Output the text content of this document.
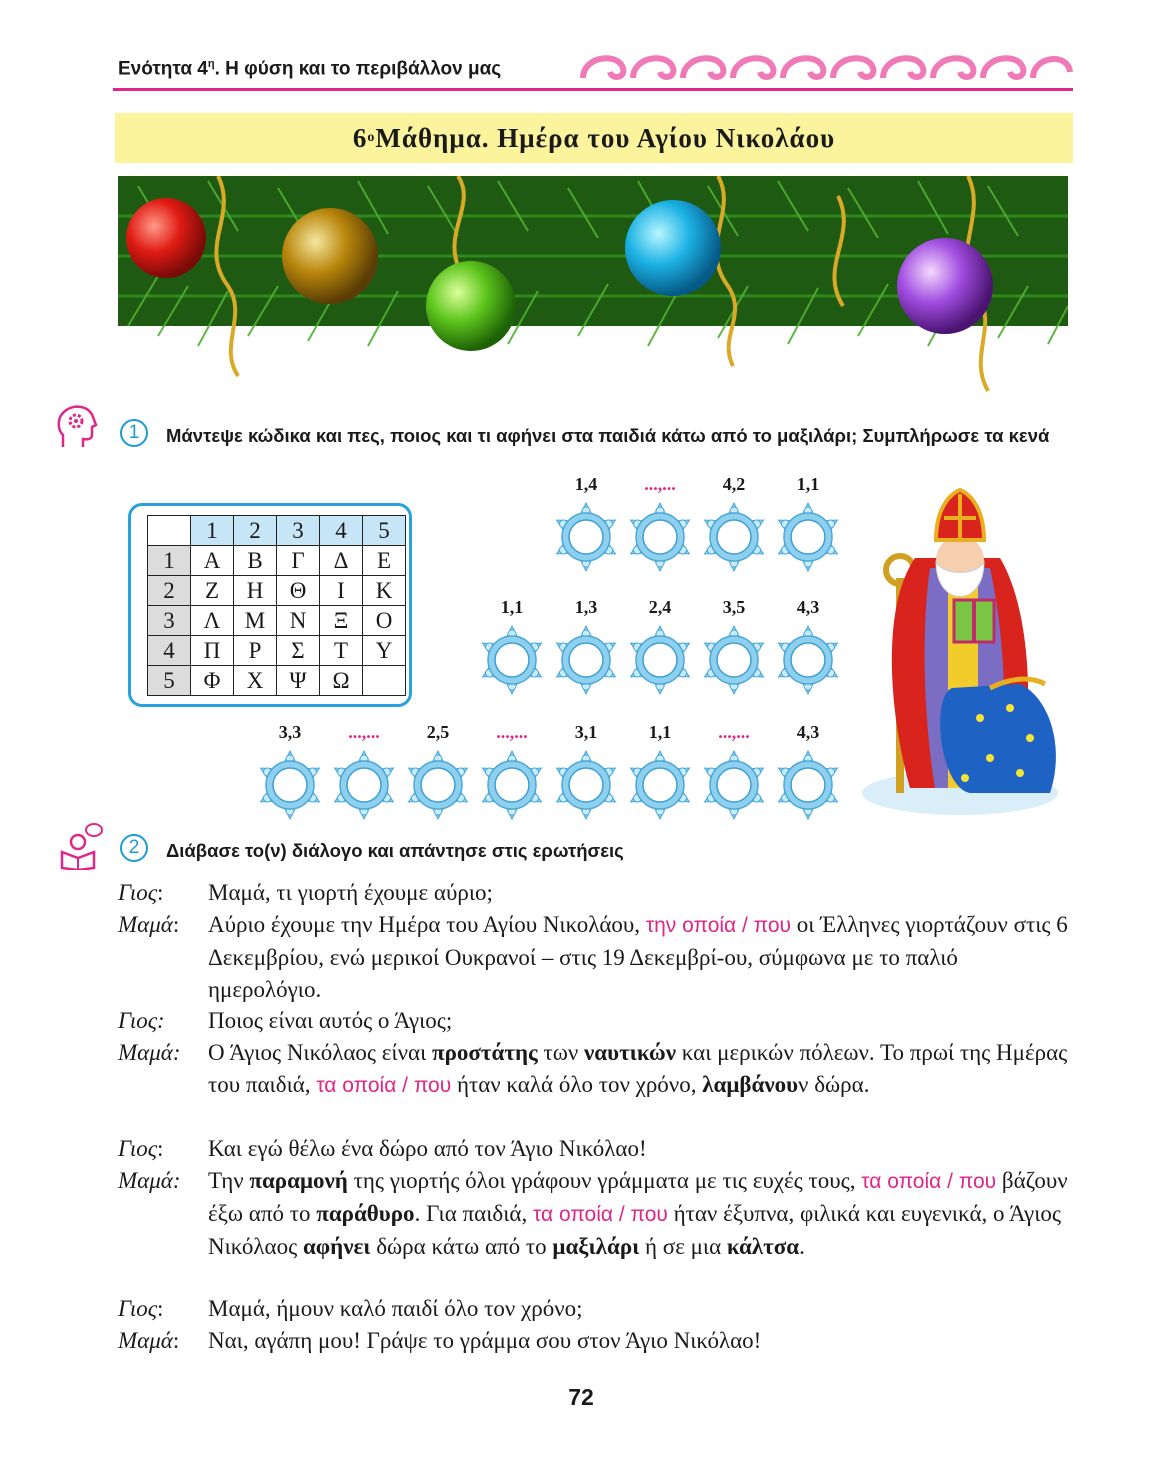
Ενότητα $4^\eta$. Η φύση και το περιβάλλον μας
6 ο Μάθημα. Ημέρα του Αγίου Νικολάου
1	Μάντεψε κώδικα και πες, ποιος και τι αφήνει στα παιδιά κάτω από το μαξιλάρι; Συμπλήρωσε τα κενά
	1	2	3	4	5
1	Α	Β	Γ	Δ	Ε
2	Ζ	Η	Θ	Ι	Κ
3	Λ	Μ	Ν	Ξ	Ο
4	Π	Ρ	Σ	Τ	Υ
5	Φ	Χ	Ψ	Ω	
1,4	...,...	4,2	1,1
1,1	1,3	2,4	3,5	4,3
3,3	...,...	2,5	...,...	3,1	1,1	...,...	4,3
2	Διάβασε το(ν) διάλογο και απάντησε στις ερωτήσεις
Γιος: Μαμά, τι γιορτή έχουμε αύριο;
Μαμά: Αύριο έχουμε την Ημέρα του Αγίου Νικολάου, την οποία / που οι Έλληνες γιορτάζουν στις 6 Δεκεμβρίου, ενώ μερικοί Ουκρανοί – στις 19 Δεκεμβρί-ου, σύμφωνα με το παλιό ημερολόγιο.
Γιος: Ποιος είναι αυτός ο Άγιος;
Μαμά: Ο Άγιος Νικόλαος είναι προστάτης των ναυτικών και μερικών πόλεων. Το πρωί της Ημέρας του παιδιά, τα οποία / που ήταν καλά όλο τον χρόνο, λαμβάνουν δώρα.
Γιος: Και εγώ θέλω ένα δώρο από τον Άγιο Νικόλαο!
Μαμά: Την παραμονή της γιορτής όλοι γράφουν γράμματα με τις ευχές τους, τα οποία / που βάζουν έξω από το παράθυρο. Για παιδιά, τα οποία / που ήταν έξυπνα, φιλικά και ευγενικά, ο Άγιος Νικόλαος αφήνει δώρα κάτω από το μαξιλάρι ή σε μια κάλτσα.
Γιος: Μαμά, ήμουν καλό παιδί όλο τον χρόνο;
Μαμά: Ναι, αγάπη μου! Γράψε το γράμμα σου στον Άγιο Νικόλαο!
72
